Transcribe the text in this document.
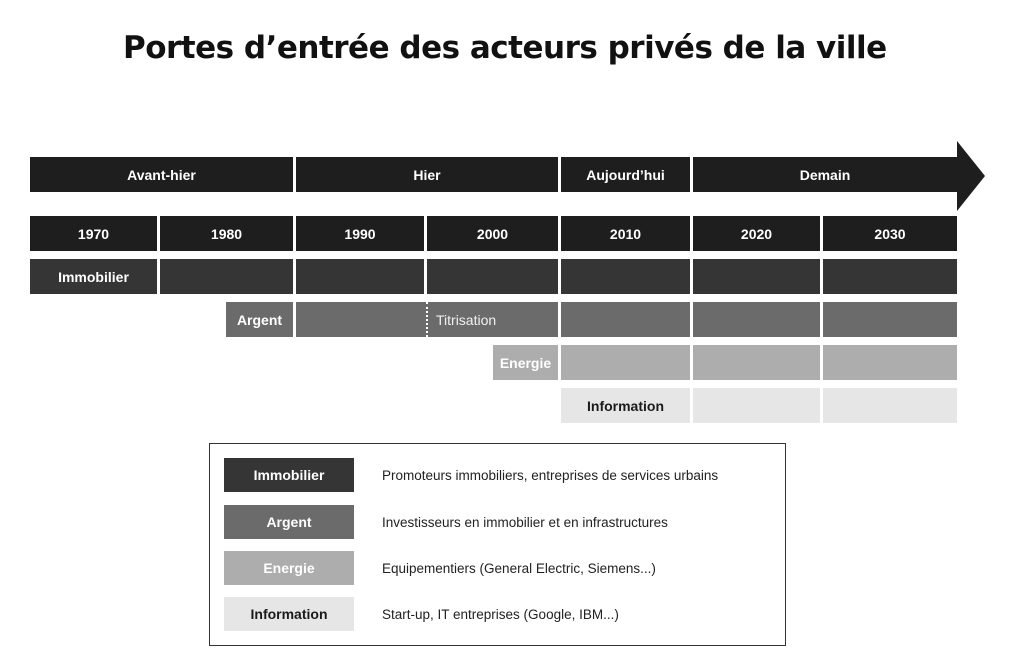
Portes d’entrée des acteurs privés de la ville
Avant-hier	Hier	Aujourd’hui	Demain
1970	1980	1990	2000	2010	2020	2030
Immobilier
Argent	Titrisation
Energie
Information
Immobilier	Promoteurs immobiliers, entreprises de services urbains
Argent	Investisseurs en immobilier et en infrastructures
Energie	Equipementiers (General Electric, Siemens...)
Information	Start-up, IT entreprises (Google, IBM...)
